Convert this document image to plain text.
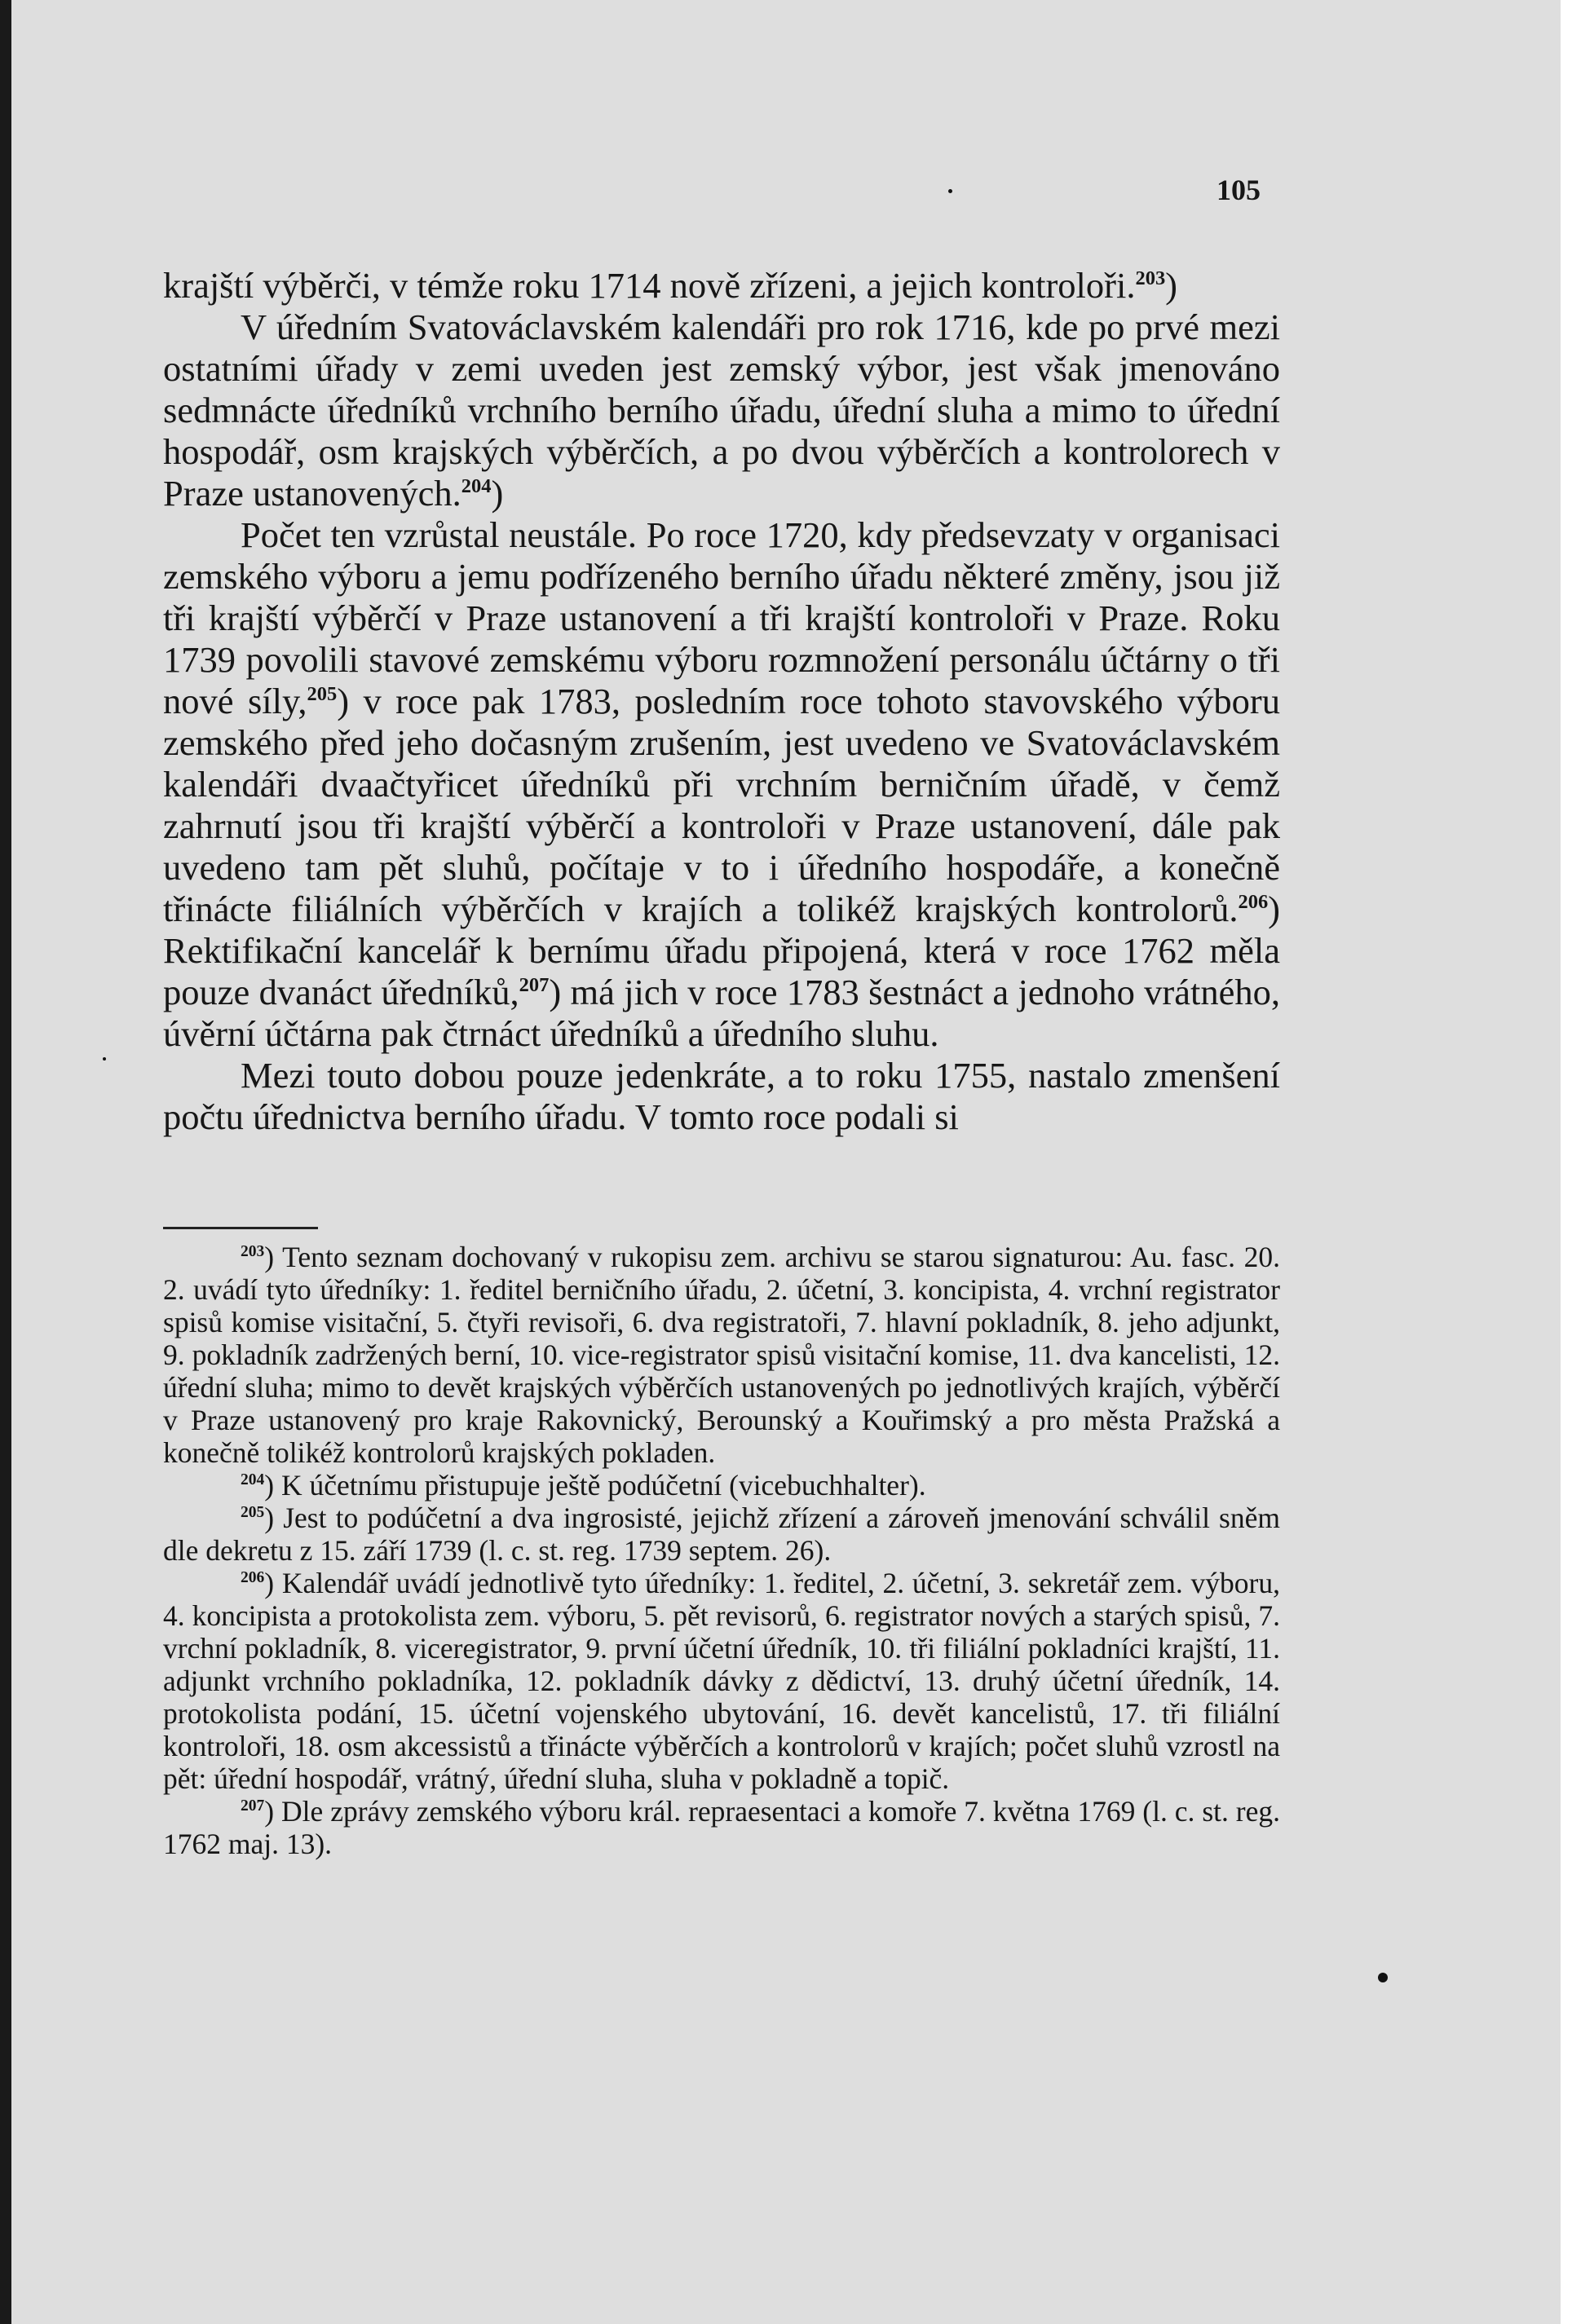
105

krajští výběrči, v témže roku 1714 nově zřízeni, a jejich kontroloři.$^{203}$)

V úředním Svatováclavském kalendáři pro rok 1716, kde po prvé mezi ostatními úřady v zemi uveden jest zemský výbor, jest však jmenováno sedmnácte úředníků vrchního berního úřadu, úřední sluha a mimo to úřední hospodář, osm krajských výběrčích, a po dvou výběrčích a kontrolorech v Praze ustanovených.$^{204}$)

Počet ten vzrůstal neustále. Po roce 1720, kdy předsevzaty v organisaci zemského výboru a jemu podřízeného berního úřadu některé změny, jsou již tři krajští výběrčí v Praze ustanovení a tři krajští kontroloři v Praze. Roku 1739 povolili stavové zemskému výboru rozmnožení personálu účtárny o tři nové síly,$^{205}$) v roce pak 1783, posledním roce tohoto stavovského výboru zemského před jeho dočasným zrušením, jest uvedeno ve Svatováclavském kalendáři dvaačtyřicet úředníků při vrchním berničním úřadě, v čemž zahrnutí jsou tři krajští výběrčí a kontroloři v Praze ustanovení, dále pak uvedeno tam pět sluhů, počítaje v to i úředního hospodáře, a konečně třinácte filiálních výběrčích v krajích a tolikéž krajských kontrolorů.$^{206}$) Rektifikační kancelář k bernímu úřadu připojená, která v roce 1762 měla pouze dvanáct úředníků,$^{207}$) má jich v roce 1783 šestnáct a jednoho vrátného, úvěrní účtárna pak čtrnáct úředníků a úředního sluhu.

Mezi touto dobou pouze jedenkráte, a to roku 1755, nastalo zmenšení počtu úřednictva berního úřadu. V tomto roce podali si

$^{203}$) Tento seznam dochovaný v rukopisu zem. archivu se starou signaturou: Au. fasc. 20. 2. uvádí tyto úředníky: 1. ředitel berničního úřadu, 2. účetní, 3. koncipista, 4. vrchní registrator spisů komise visitační, 5. čtyři revisoři, 6. dva registratoři, 7. hlavní pokladník, 8. jeho adjunkt, 9. pokladník zadržených berní, 10. vice-registrator spisů visitační komise, 11. dva kancelisti, 12. úřední sluha; mimo to devět krajských výběrčích ustanovených po jednotlivých krajích, výběrčí v Praze ustanovený pro kraje Rakovnický, Berounský a Kouřimský a pro města Pražská a konečně tolikéž kontrolorů krajských pokladen.

$^{204}$) K účetnímu přistupuje ještě podúčetní (vicebuchhalter).

$^{205}$) Jest to podúčetní a dva ingrosisté, jejichž zřízení a zároveň jmenování schválil sněm dle dekretu z 15. září 1739 (l. c. st. reg. 1739 septem. 26).

$^{206}$) Kalendář uvádí jednotlivě tyto úředníky: 1. ředitel, 2. účetní, 3. sekretář zem. výboru, 4. koncipista a protokolista zem. výboru, 5. pět revisorů, 6. registrator nových a starých spisů, 7. vrchní pokladník, 8. viceregistrator, 9. první účetní úředník, 10. tři filiální pokladníci krajští, 11. adjunkt vrchního pokladníka, 12. pokladník dávky z dědictví, 13. druhý účetní úředník, 14. protokolista podání, 15. účetní vojenského ubytování, 16. devět kancelistů, 17. tři filiální kontroloři, 18. osm akcessistů a třinácte výběrčích a kontrolorů v krajích; počet sluhů vzrostl na pět: úřední hospodář, vrátný, úřední sluha, sluha v pokladně a topič.

$^{207}$) Dle zprávy zemského výboru král. repraesentaci a komoře 7. května 1769 (l. c. st. reg. 1762 maj. 13).
